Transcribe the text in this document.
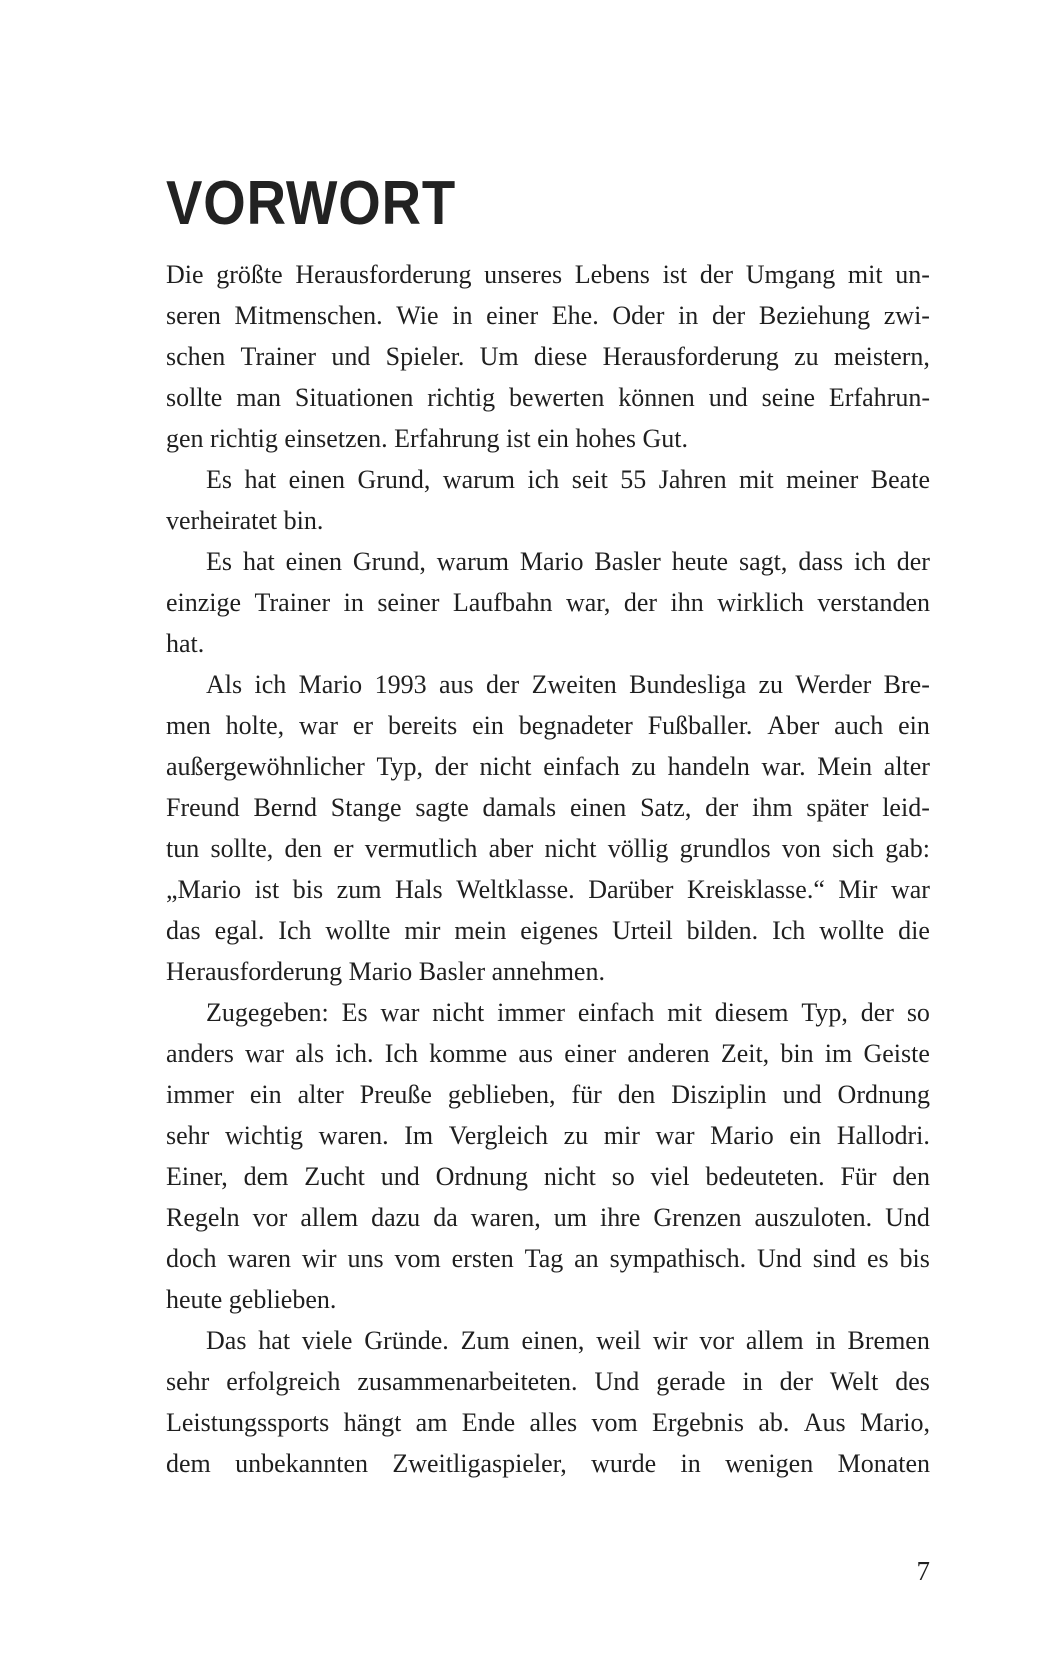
VORWORT
Die größte Herausforderung unseres Lebens ist der Umgang mit un-
seren Mitmenschen. Wie in einer Ehe. Oder in der Beziehung zwi-
schen Trainer und Spieler. Um diese Herausforderung zu meistern,
sollte man Situationen richtig bewerten können und seine Erfahrun-
gen richtig einsetzen. Erfahrung ist ein hohes Gut.
Es hat einen Grund, warum ich seit 55 Jahren mit meiner Beate
verheiratet bin.
Es hat einen Grund, warum Mario Basler heute sagt, dass ich der
einzige Trainer in seiner Laufbahn war, der ihn wirklich verstanden
hat.
Als ich Mario 1993 aus der Zweiten Bundesliga zu Werder Bre-
men holte, war er bereits ein begnadeter Fußballer. Aber auch ein
außergewöhnlicher Typ, der nicht einfach zu handeln war. Mein alter
Freund Bernd Stange sagte damals einen Satz, der ihm später leid-
tun sollte, den er vermutlich aber nicht völlig grundlos von sich gab:
„Mario ist bis zum Hals Weltklasse. Darüber Kreisklasse.“ Mir war
das egal. Ich wollte mir mein eigenes Urteil bilden. Ich wollte die
Herausforderung Mario Basler annehmen.
Zugegeben: Es war nicht immer einfach mit diesem Typ, der so
anders war als ich. Ich komme aus einer anderen Zeit, bin im Geiste
immer ein alter Preuße geblieben, für den Disziplin und Ordnung
sehr wichtig waren. Im Vergleich zu mir war Mario ein Hallodri.
Einer, dem Zucht und Ordnung nicht so viel bedeuteten. Für den
Regeln vor allem dazu da waren, um ihre Grenzen auszuloten. Und
doch waren wir uns vom ersten Tag an sympathisch. Und sind es bis
heute geblieben.
Das hat viele Gründe. Zum einen, weil wir vor allem in Bremen
sehr erfolgreich zusammenarbeiteten. Und gerade in der Welt des
Leistungssports hängt am Ende alles vom Ergebnis ab. Aus Mario,
dem unbekannten Zweitligaspieler, wurde in wenigen Monaten
7
